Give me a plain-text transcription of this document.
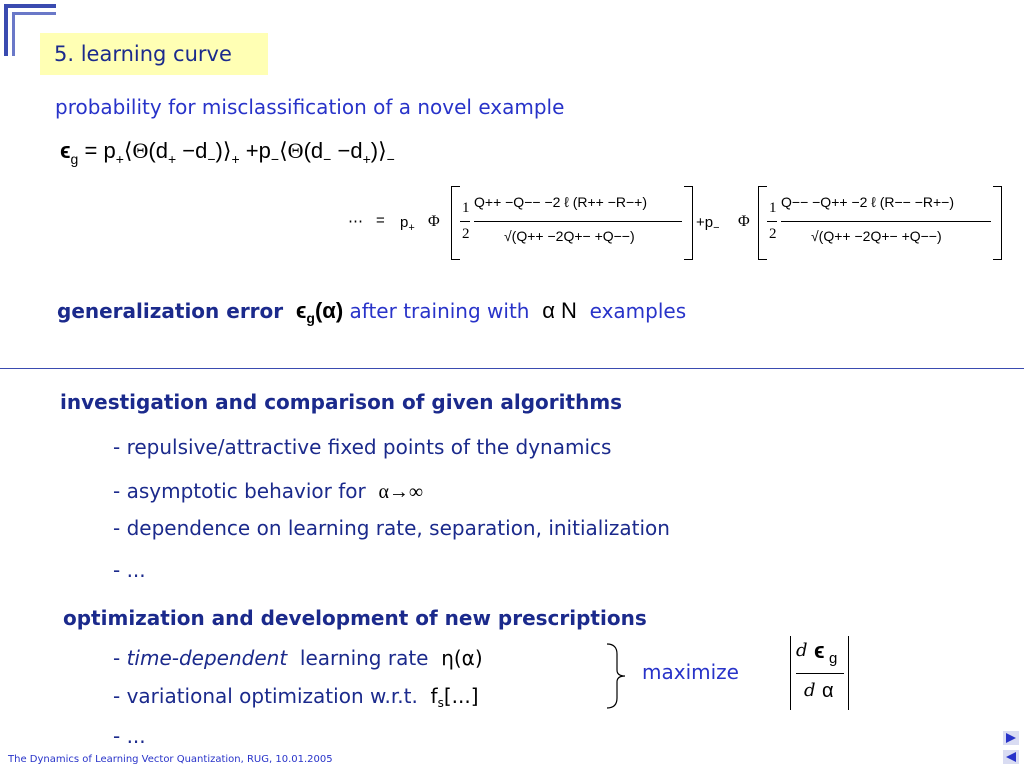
5. learning curve
probability for misclassification of a novel example
$\epsilon_g$ = $p_+⟨\Theta(d_+$ $-d_-)⟩_+$ $+p_-⟨\Theta(d_-$ $-d_+)⟩_-$
⋯ = $p_+$ Φ
1
2
Q++ −Q−− −2 ℓ (R++ −R−+)
√(Q++ −2Q+− +Q−−)
$+p_-$ Φ
1
2
Q−− −Q++ −2 ℓ (R−− −R+−)
√(Q++ −2Q+− +Q−−)
generalization error $\epsilon_g(\alpha)$ after training with α N examples
investigation and comparison of given algorithms
- repulsive/attractive fixed points of the dynamics
- asymptotic behavior for α→∞
- dependence on learning rate, separation, initialization
- ...
optimization and development of new prescriptions
- time-dependent learning rate η(α)
- variational optimization w.r.t. $f_s[...]$
- ...
maximize
d ϵ g
d α
The Dynamics of Learning Vector Quantization, RUG, 10.01.2005
